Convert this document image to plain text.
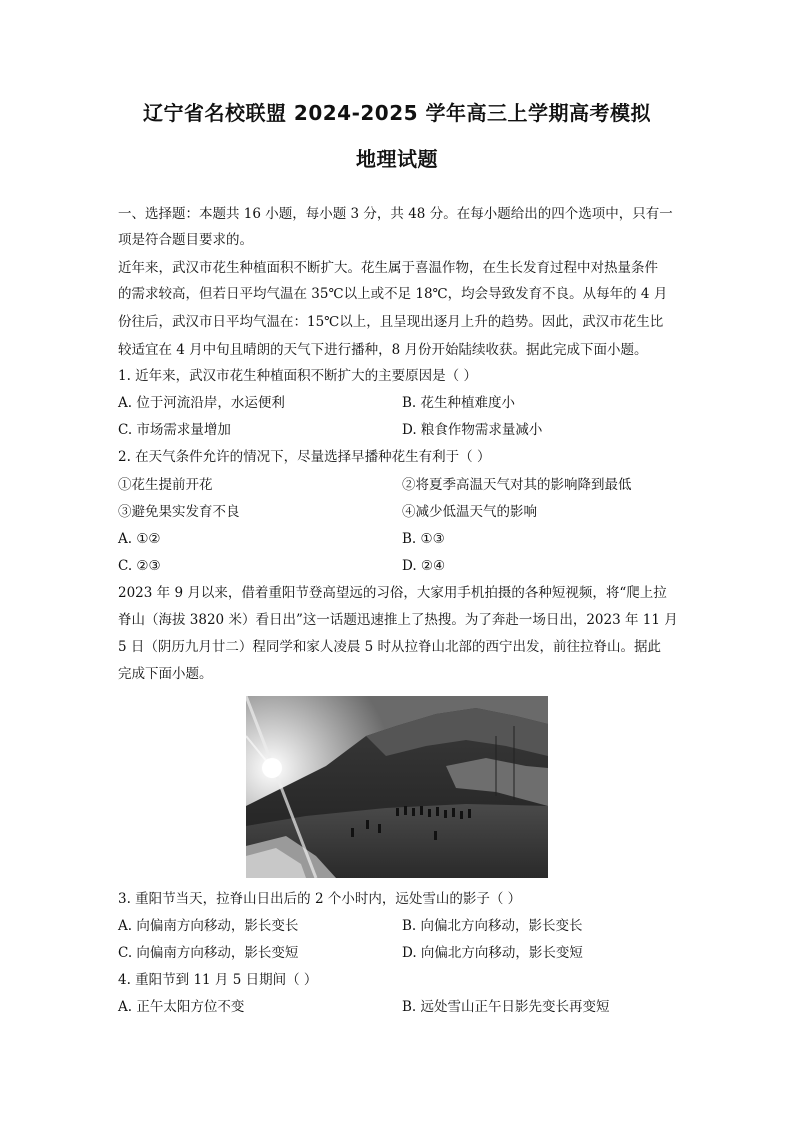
辽宁省名校联盟 2024-2025 学年高三上学期高考模拟
地理试题
一、选择题：本题共 16 小题，每小题 3 分，共 48 分。在每小题给出的四个选项中，只有一
项是符合题目要求的。
近年来，武汉市花生种植面积不断扩大。花生属于喜温作物，在生长发育过程中对热量条件
的需求较高，但若日平均气温在 35℃以上或不足 18℃，均会导致发育不良。从每年的 4 月
份往后，武汉市日平均气温在：15℃以上，且呈现出逐月上升的趋势。因此，武汉市花生比
较适宜在 4 月中旬且晴朗的天气下进行播种，8 月份开始陆续收获。据此完成下面小题。
1. 近年来，武汉市花生种植面积不断扩大的主要原因是（ ）
A. 位于河流沿岸，水运便利	B. 花生种植难度小
C. 市场需求量增加	D. 粮食作物需求量减小
2. 在天气条件允许的情况下，尽量选择早播种花生有利于（ ）
①花生提前开花	②将夏季高温天气对其的影响降到最低
③避免果实发育不良	④减少低温天气的影响
A. ①②	B. ①③
C. ②③	D. ②④
2023 年 9 月以来，借着重阳节登高望远的习俗，大家用手机拍摄的各种短视频，将“爬上拉
脊山（海拔 3820 米）看日出”这一话题迅速推上了热搜。为了奔赴一场日出，2023 年 11 月
5 日（阴历九月廿二）程同学和家人凌晨 5 时从拉脊山北部的西宁出发，前往拉脊山。据此
完成下面小题。
3. 重阳节当天，拉脊山日出后的 2 个小时内，远处雪山的影子（ ）
A. 向偏南方向移动，影长变长	B. 向偏北方向移动，影长变长
C. 向偏南方向移动，影长变短	D. 向偏北方向移动，影长变短
4. 重阳节到 11 月 5 日期间（ ）
A. 正午太阳方位不变	B. 远处雪山正午日影先变长再变短
